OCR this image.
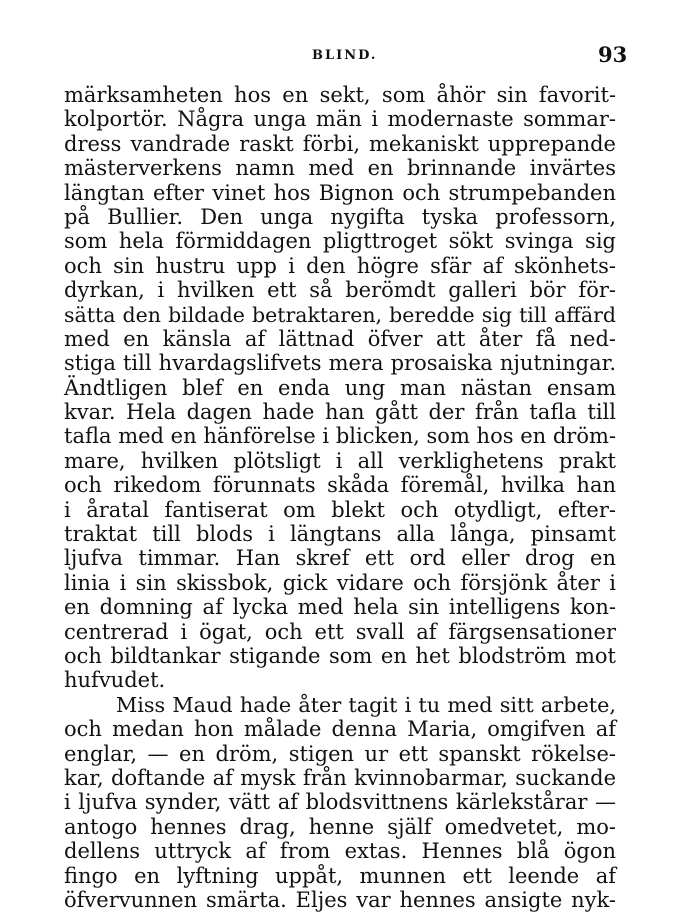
BLIND.	93
märksamheten hos en sekt, som åhör sin favorit-
kolportör. Några unga män i modernaste sommar-
dress vandrade raskt förbi, mekaniskt upprepande
mästerverkens namn med en brinnande invärtes
längtan efter vinet hos Bignon och strumpebanden
på Bullier. Den unga nygifta tyska professorn,
som hela förmiddagen pligttroget sökt svinga sig
och sin hustru upp i den högre sfär af skönhets-
dyrkan, i hvilken ett så berömdt galleri bör för-
sätta den bildade betraktaren, beredde sig till affärd
med en känsla af lättnad öfver att åter få ned-
stiga till hvardagslifvets mera prosaiska njutningar.
Ändtligen blef en enda ung man nästan ensam
kvar. Hela dagen hade han gått der från tafla till
tafla med en hänförelse i blicken, som hos en dröm-
mare, hvilken plötsligt i all verklighetens prakt
och rikedom förunnats skåda föremål, hvilka han
i åratal fantiserat om blekt och otydligt, efter-
traktat till blods i längtans alla långa, pinsamt
ljufva timmar. Han skref ett ord eller drog en
linia i sin skissbok, gick vidare och försjönk åter i
en domning af lycka med hela sin intelligens kon-
centrerad i ögat, och ett svall af färgsensationer
och bildtankar stigande som en het blodström mot
hufvudet.
Miss Maud hade åter tagit i tu med sitt arbete,
och medan hon målade denna Maria, omgifven af
englar, — en dröm, stigen ur ett spanskt rökelse-
kar, doftande af mysk från kvinnobarmar, suckande
i ljufva synder, vätt af blodsvittnens kärlekstårar —
antogo hennes drag, henne själf omedvetet, mo-
dellens uttryck af from extas. Hennes blå ögon
fingo en lyftning uppåt, munnen ett leende af
öfvervunnen smärta. Eljes var hennes ansigte nyk-
